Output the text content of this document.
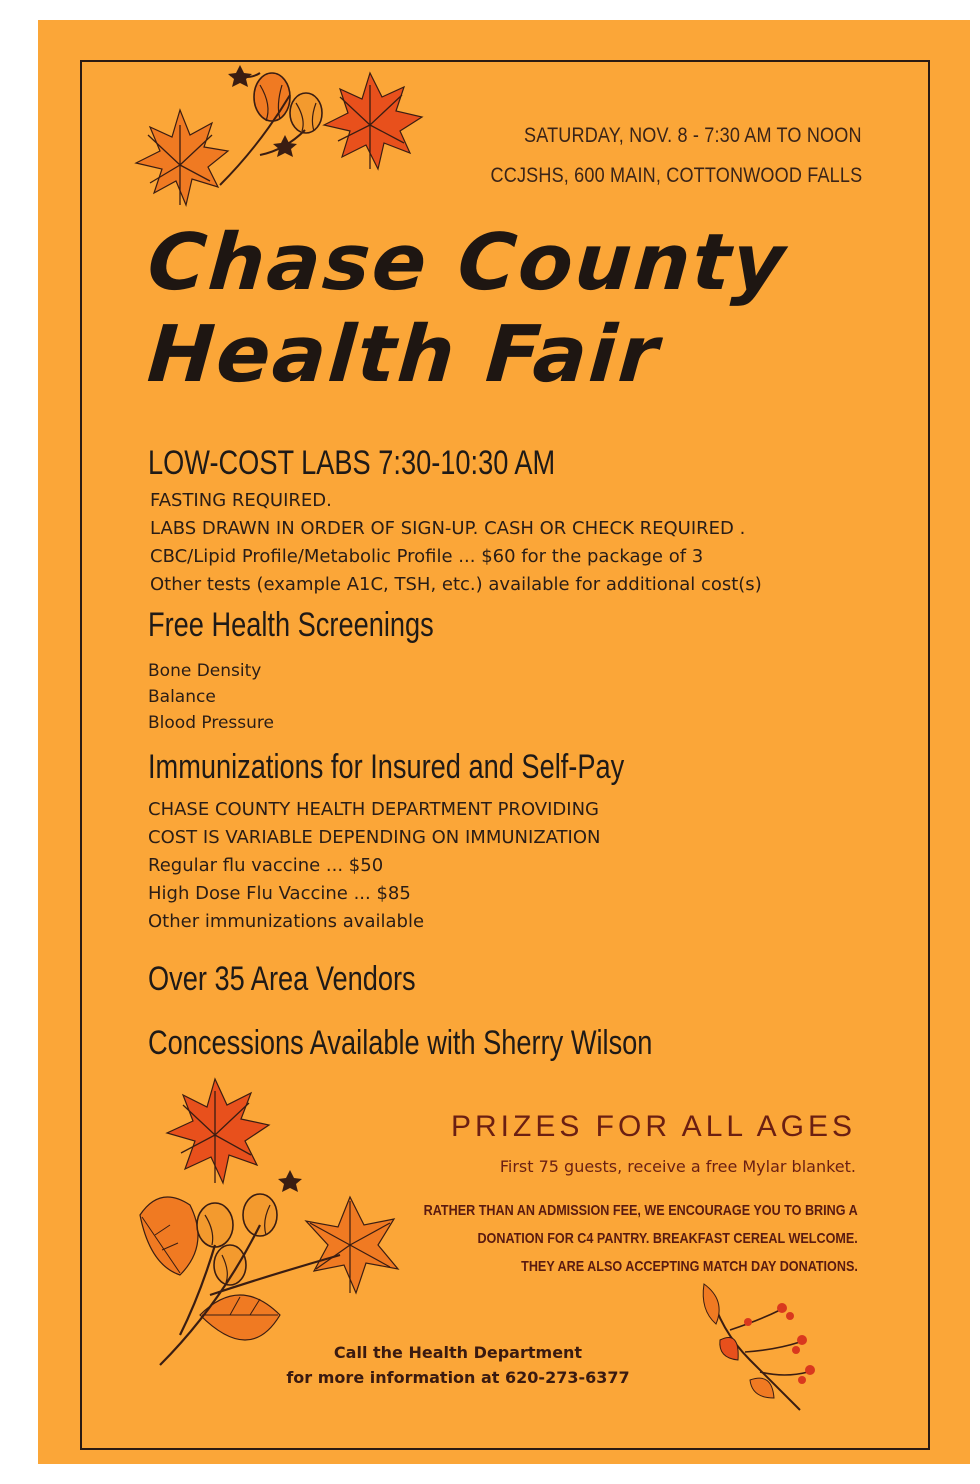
SATURDAY, NOV. 8 - 7:30 AM TO NOON
CCJSHS, 600 MAIN, COTTONWOOD FALLS
Chase County
Health Fair
LOW-COST LABS 7:30-10:30 AM
FASTING REQUIRED.
LABS DRAWN IN ORDER OF SIGN-UP. CASH OR CHECK REQUIRED .
CBC/Lipid Profile/Metabolic Profile ... $60 for the package of 3
Other tests (example A1C, TSH, etc.) available for additional cost(s)
Free Health Screenings
Bone Density
Balance
Blood Pressure
Immunizations for Insured and Self-Pay
CHASE COUNTY HEALTH DEPARTMENT PROVIDING
COST IS VARIABLE DEPENDING ON IMMUNIZATION
Regular flu vaccine ... $50
High Dose Flu Vaccine ... $85
Other immunizations available
Over 35 Area Vendors
Concessions Available with Sherry Wilson
PRIZES FOR ALL AGES
First 75 guests, receive a free Mylar blanket.
RATHER THAN AN ADMISSION FEE, WE ENCOURAGE YOU TO BRING A
DONATION FOR C4 PANTRY. BREAKFAST CEREAL WELCOME.
THEY ARE ALSO ACCEPTING MATCH DAY DONATIONS.
Call the Health Department
for more information at 620-273-6377
